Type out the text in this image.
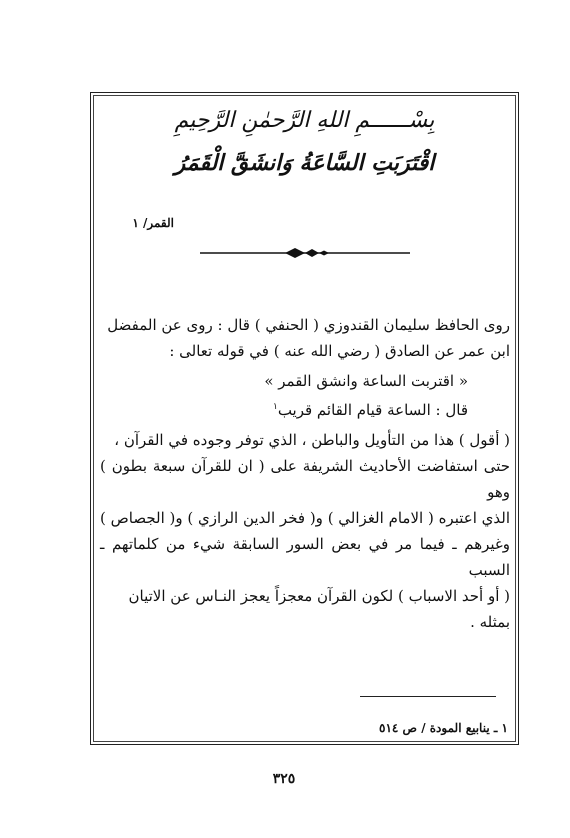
بِسْــــــمِ اللهِ الرَّحمٰنِ الرَّحِيمِ
اقْتَرَبَتِ السَّاعَةُ وَانشَقَّ الْقَمَرُ
القمر/ ١

روى الحافظ سليمان القندوزي ( الحنفي ) قال : روى عن المفضل

ابن عمر عن الصادق ( رضي الله عنه ) في قوله تعالى :

« اقتربت الساعة وانشق القمر »

قال : الساعة قيام القائم قريب$^١$

( أقول ) هذا من التأويل والباطن ، الذي توفر وجوده في القرآن ،

حتى استفاضت الأحاديث الشريفة على ( ان للقرآن سبعة بطون ) وهو

الذي اعتبره ( الامام الغزالي ) و( فخر الدين الرازي ) و( الجصاص )

وغيرهم ـ فيما مر في بعض السور السابقة شيء من كلماتهم ـ السبب

( أو أحد الاسباب ) لكون القرآن معجزاً يعجز النـاس عن الاتيان

بمثله .

١ ـ ينابيع المودة / ص ٥١٤
٣٢٥
